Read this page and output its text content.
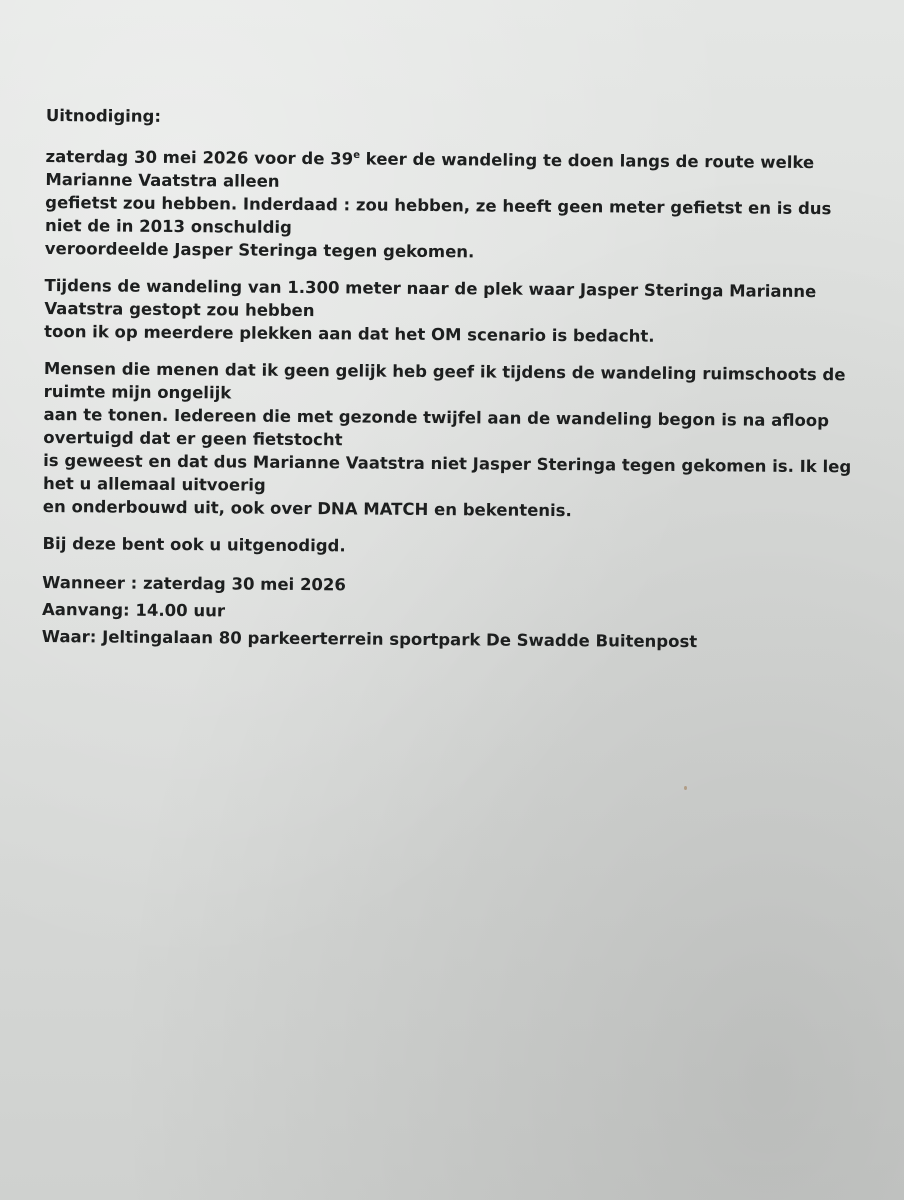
Uitnodiging:
zaterdag 30 mei 2026 voor de 39e keer de wandeling te doen langs de route welke
Marianne Vaatstra alleen
gefietst zou hebben. Inderdaad : zou hebben, ze heeft geen meter gefietst en is dus
niet de in 2013 onschuldig
veroordeelde Jasper Steringa tegen gekomen.
Tijdens de wandeling van 1.300 meter naar de plek waar Jasper Steringa Marianne
Vaatstra gestopt zou hebben
toon ik op meerdere plekken aan dat het OM scenario is bedacht.
Mensen die menen dat ik geen gelijk heb geef ik tijdens de wandeling ruimschoots de
ruimte mijn ongelijk
aan te tonen. Iedereen die met gezonde twijfel aan de wandeling begon is na afloop
overtuigd dat er geen fietstocht
is geweest en dat dus Marianne Vaatstra niet Jasper Steringa tegen gekomen is. Ik leg
het u allemaal uitvoerig
en onderbouwd uit, ook over DNA MATCH en bekentenis.
Bij deze bent ook u uitgenodigd.
Wanneer : zaterdag 30 mei 2026
Aanvang: 14.00 uur
Waar: Jeltingalaan 80 parkeerterrein sportpark De Swadde Buitenpost
